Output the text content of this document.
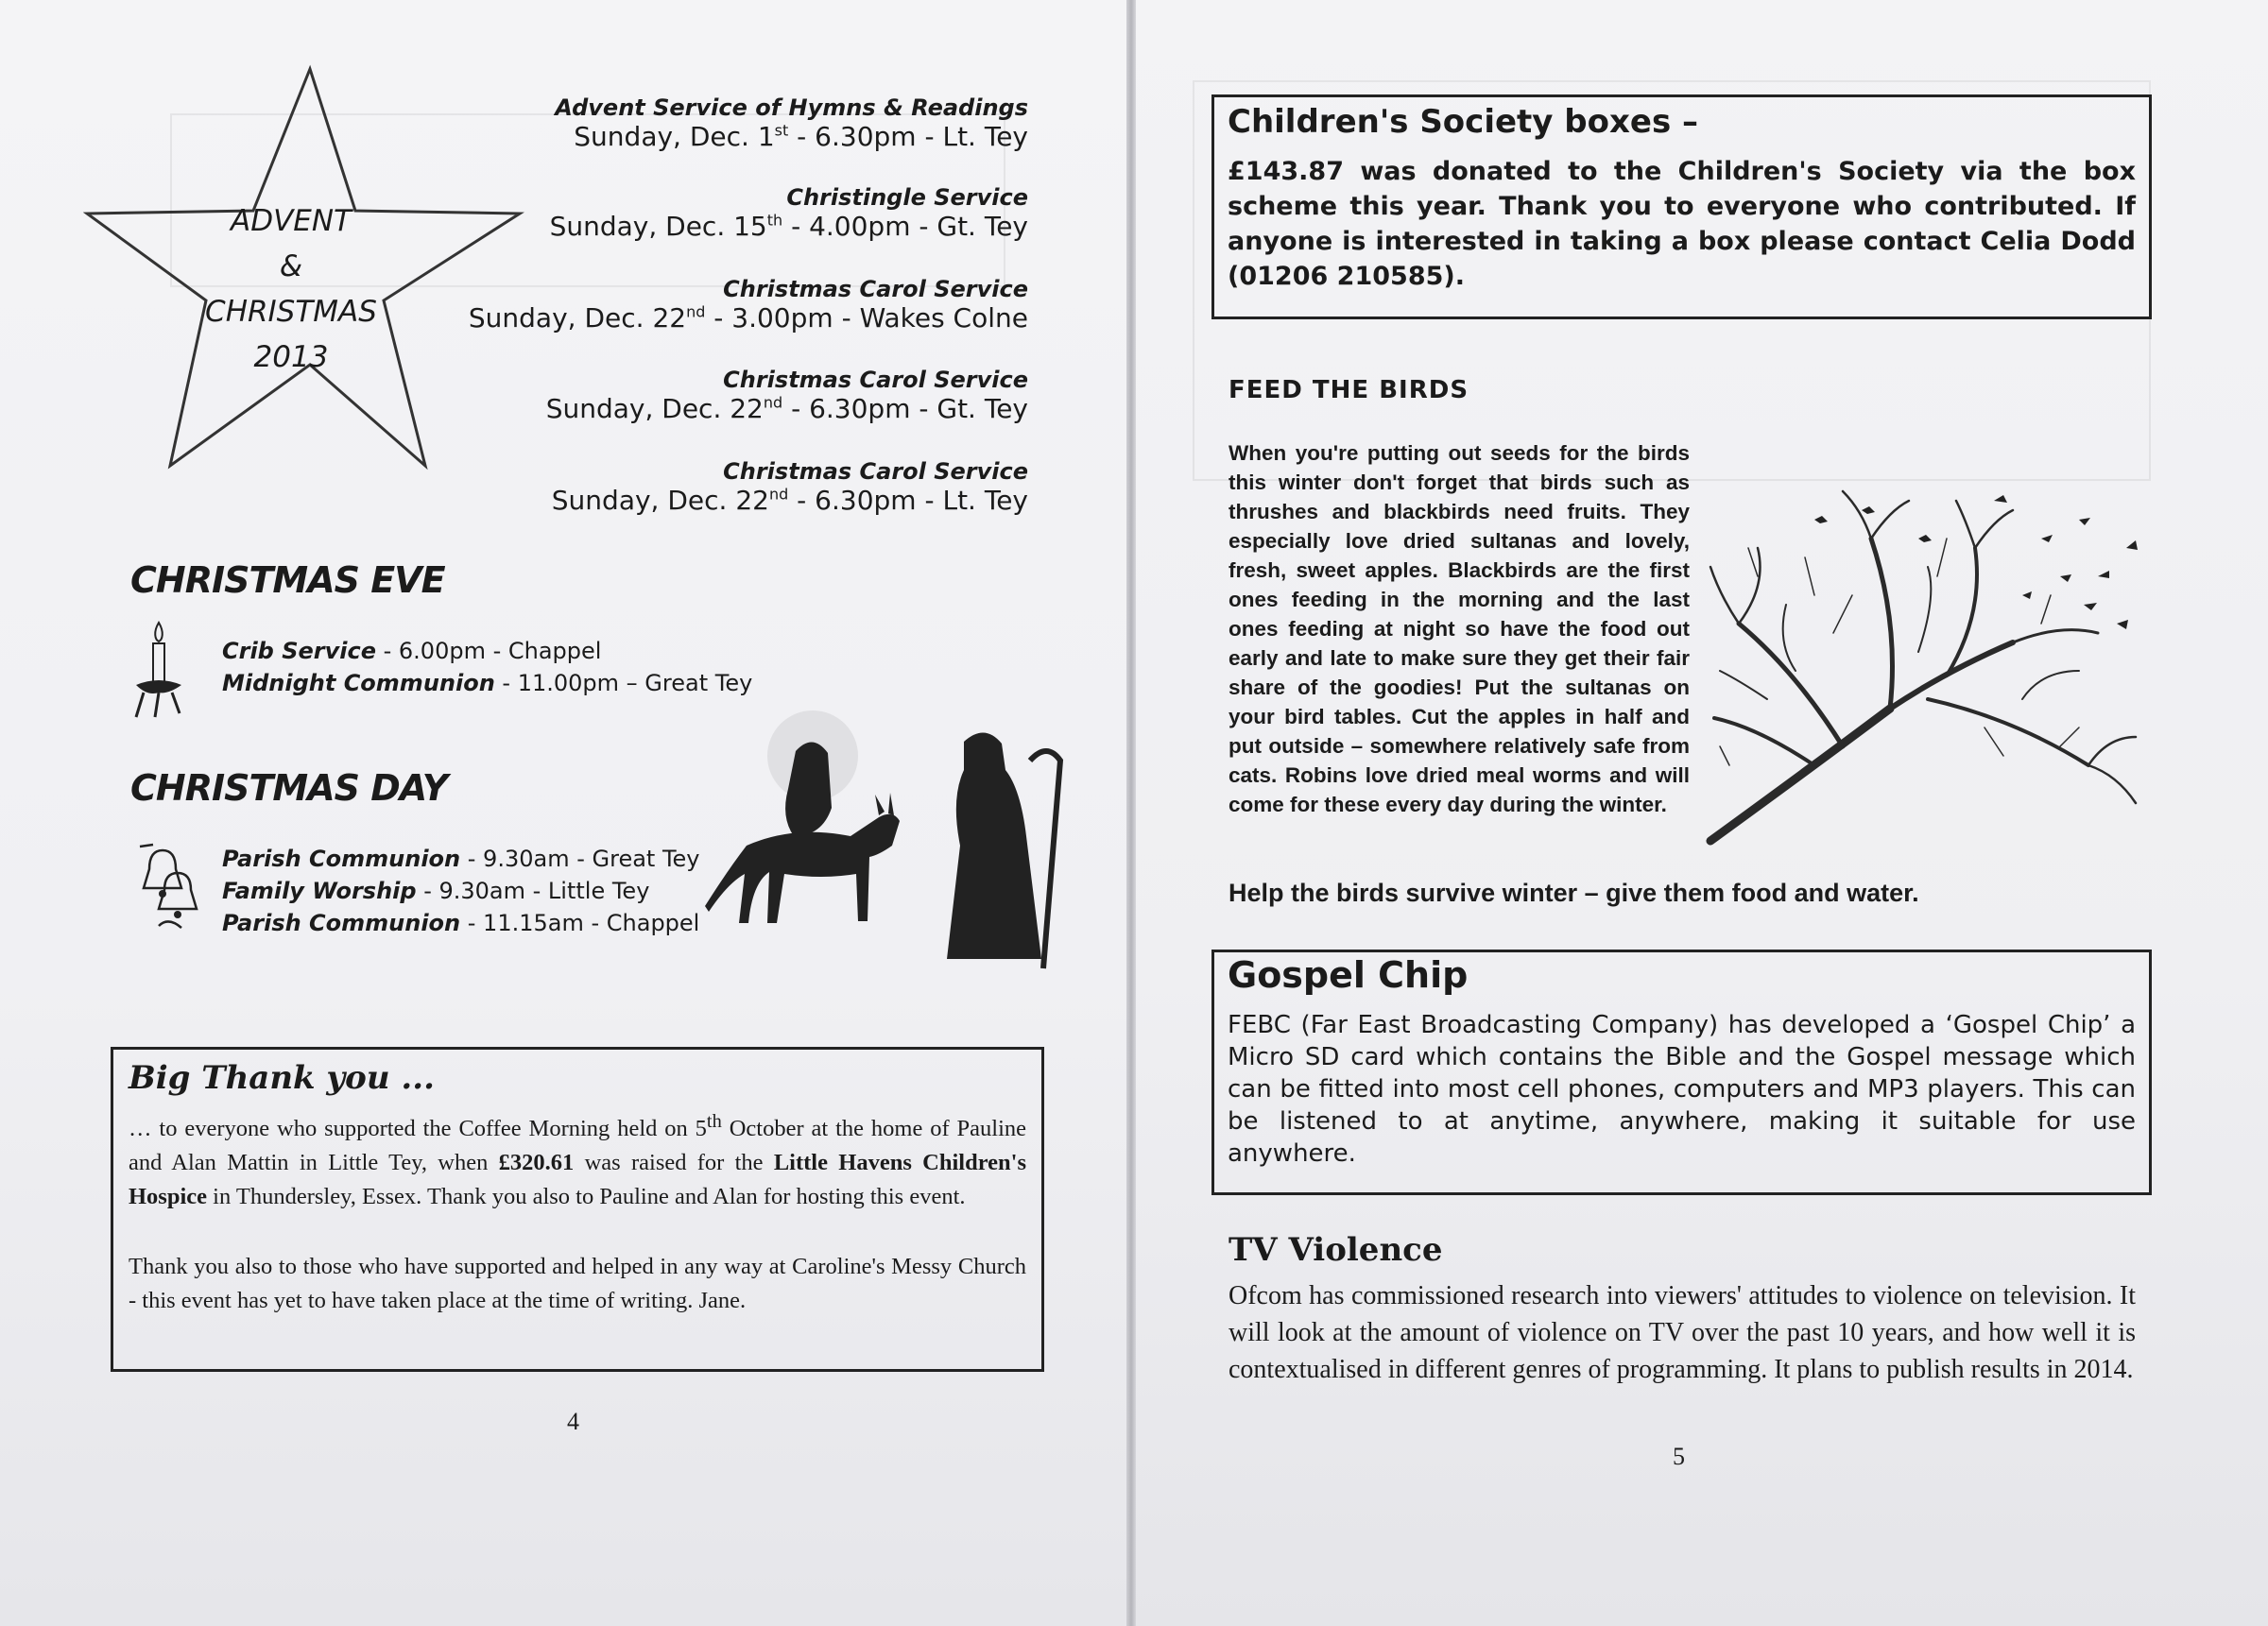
ADVENT
&
CHRISTMAS
2013
Advent Service of Hymns & Readings
Sunday, Dec. 1st - 6.30pm - Lt. Tey
Christingle Service
Sunday, Dec. 15th - 4.00pm - Gt. Tey
Christmas Carol Service
Sunday, Dec. 22nd - 3.00pm - Wakes Colne
Christmas Carol Service
Sunday, Dec. 22nd - 6.30pm - Gt. Tey
Christmas Carol Service
Sunday, Dec. 22nd - 6.30pm - Lt. Tey
CHRISTMAS EVE
Crib Service - 6.00pm - Chappel
Midnight Communion - 11.00pm – Great Tey
CHRISTMAS DAY
Parish Communion - 9.30am - Great Tey
Family Worship - 9.30am - Little Tey
Parish Communion - 11.15am - Chappel
Big Thank you ...

… to everyone who supported the Coffee Morning held on 5th October at the home of Pauline and Alan Mattin in Little Tey, when £320.61 was raised for the Little Havens Children's Hospice in Thundersley, Essex. Thank you also to Pauline and Alan for hosting this event.

Thank you also to those who have supported and helped in any way at Caroline's Messy Church - this event has yet to have taken place at the time of writing. Jane.

4
Children's Society boxes –

£143.87 was donated to the Children's Society via the box scheme this year. Thank you to everyone who contributed. If anyone is interested in taking a box please contact Celia Dodd (01206 210585).

FEED THE BIRDS

When you're putting out seeds for the birds this winter don't forget that birds such as thrushes and blackbirds need fruits. They especially love dried sultanas and lovely, fresh, sweet apples. Blackbirds are the first ones feeding in the morning and the last ones feeding at night so have the food out early and late to make sure they get their fair share of the goodies! Put the sultanas on your bird tables. Cut the apples in half and put outside – somewhere relatively safe from cats. Robins love dried meal worms and will come for these every day during the winter.

Help the birds survive winter – give them food and water.
Gospel Chip

FEBC (Far East Broadcasting Company) has developed a ‘Gospel Chip’ a Micro SD card which contains the Bible and the Gospel message which can be fitted into most cell phones, computers and MP3 players. This can be listened to at anytime, anywhere, making it suitable for use anywhere.

TV Violence

Ofcom has commissioned research into viewers' attitudes to violence on television. It will look at the amount of violence on TV over the past 10 years, and how well it is contextualised in different genres of programming. It plans to publish results in 2014.

5
